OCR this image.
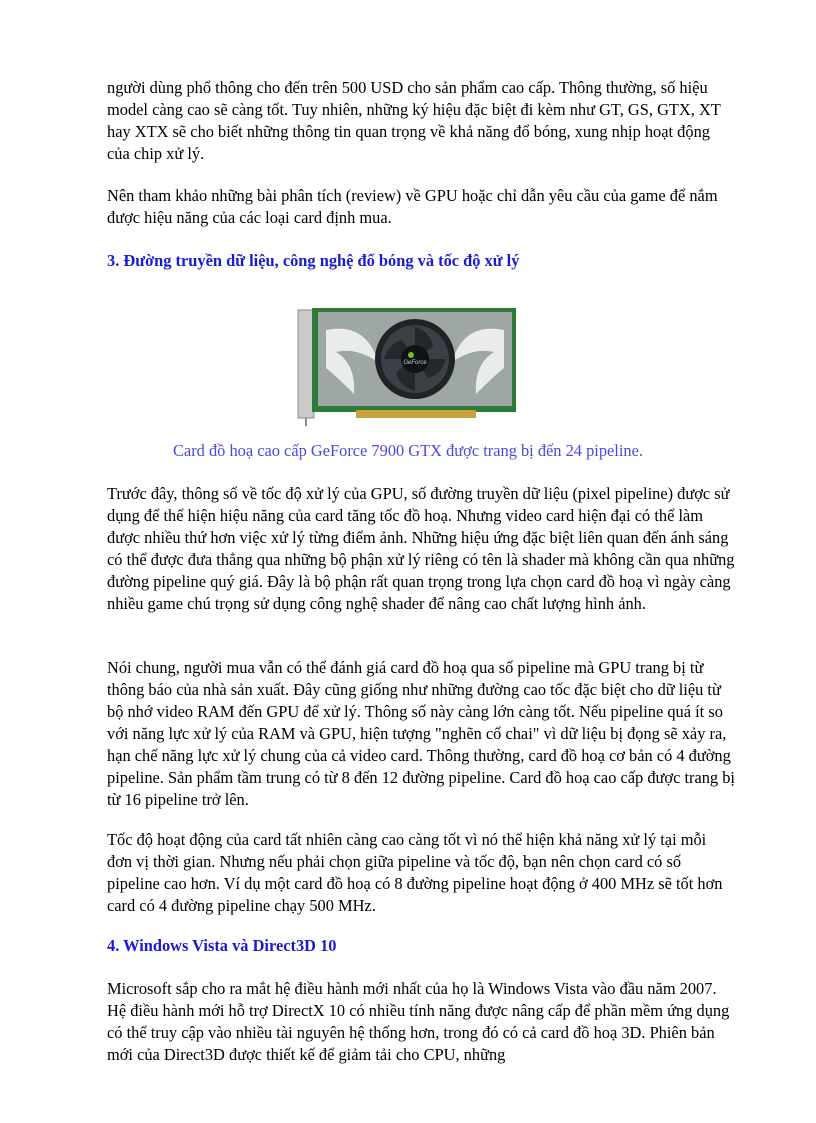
người dùng phổ thông cho đến trên 500 USD cho sản phẩm cao cấp. Thông thường, số hiệu model càng cao sẽ càng tốt. Tuy nhiên, những ký hiệu đặc biệt đi kèm như GT, GS, GTX, XT hay XTX sẽ cho biết những thông tin quan trọng về khả năng đổ bóng, xung nhịp hoạt động của chip xử lý.

Nên tham khảo những bài phân tích (review) về GPU hoặc chỉ dẫn yêu cầu của game để nắm được hiệu năng của các loại card định mua.

3. Đường truyền dữ liệu, công nghệ đổ bóng và tốc độ xử lý
GeForce

Card đồ hoạ cao cấp GeForce 7900 GTX được trang bị đến 24 pipeline.

Trước đây, thông số về tốc độ xử lý của GPU, số đường truyền dữ liệu (pixel pipeline) được sử dụng để thể hiện hiệu năng của card tăng tốc đồ hoạ. Nhưng video card hiện đại có thể làm được nhiều thứ hơn việc xử lý từng điểm ảnh. Những hiệu ứng đặc biệt liên quan đến ánh sáng có thể được đưa thẳng qua những bộ phận xử lý riêng có tên là shader mà không cần qua những đường pipeline quý giá. Đây là bộ phận rất quan trọng trong lựa chọn card đồ hoạ vì ngày càng nhiều game chú trọng sử dụng công nghệ shader để nâng cao chất lượng hình ảnh.

Nói chung, người mua vẫn có thể đánh giá card đồ hoạ qua số pipeline mà GPU trang bị từ thông báo của nhà sản xuất. Đây cũng giống như những đường cao tốc đặc biệt cho dữ liệu từ bộ nhớ video RAM đến GPU để xử lý. Thông số này càng lớn càng tốt. Nếu pipeline quá ít so với năng lực xử lý của RAM và GPU, hiện tượng "nghẽn cổ chai" vì dữ liệu bị đọng sẽ xảy ra, hạn chế năng lực xử lý chung của cả video card. Thông thường, card đồ hoạ cơ bản có 4 đường pipeline. Sản phẩm tầm trung có từ 8 đến 12 đường pipeline. Card đồ hoạ cao cấp được trang bị từ 16 pipeline trở lên.

Tốc độ hoạt động của card tất nhiên càng cao càng tốt vì nó thể hiện khả năng xử lý tại mỗi đơn vị thời gian. Nhưng nếu phải chọn giữa pipeline và tốc độ, bạn nên chọn card có số pipeline cao hơn. Ví dụ một card đồ hoạ có 8 đường pipeline hoạt động ở 400 MHz sẽ tốt hơn card có 4 đường pipeline chạy 500 MHz.

4. Windows Vista và Direct3D 10

Microsoft sắp cho ra mắt hệ điều hành mới nhất của họ là Windows Vista vào đầu năm 2007. Hệ điều hành mới hỗ trợ DirectX 10 có nhiều tính năng được nâng cấp để phần mềm ứng dụng có thể truy cập vào nhiều tài nguyên hệ thống hơn, trong đó có cả card đồ hoạ 3D. Phiên bản mới của Direct3D được thiết kế để giảm tải cho CPU, những
